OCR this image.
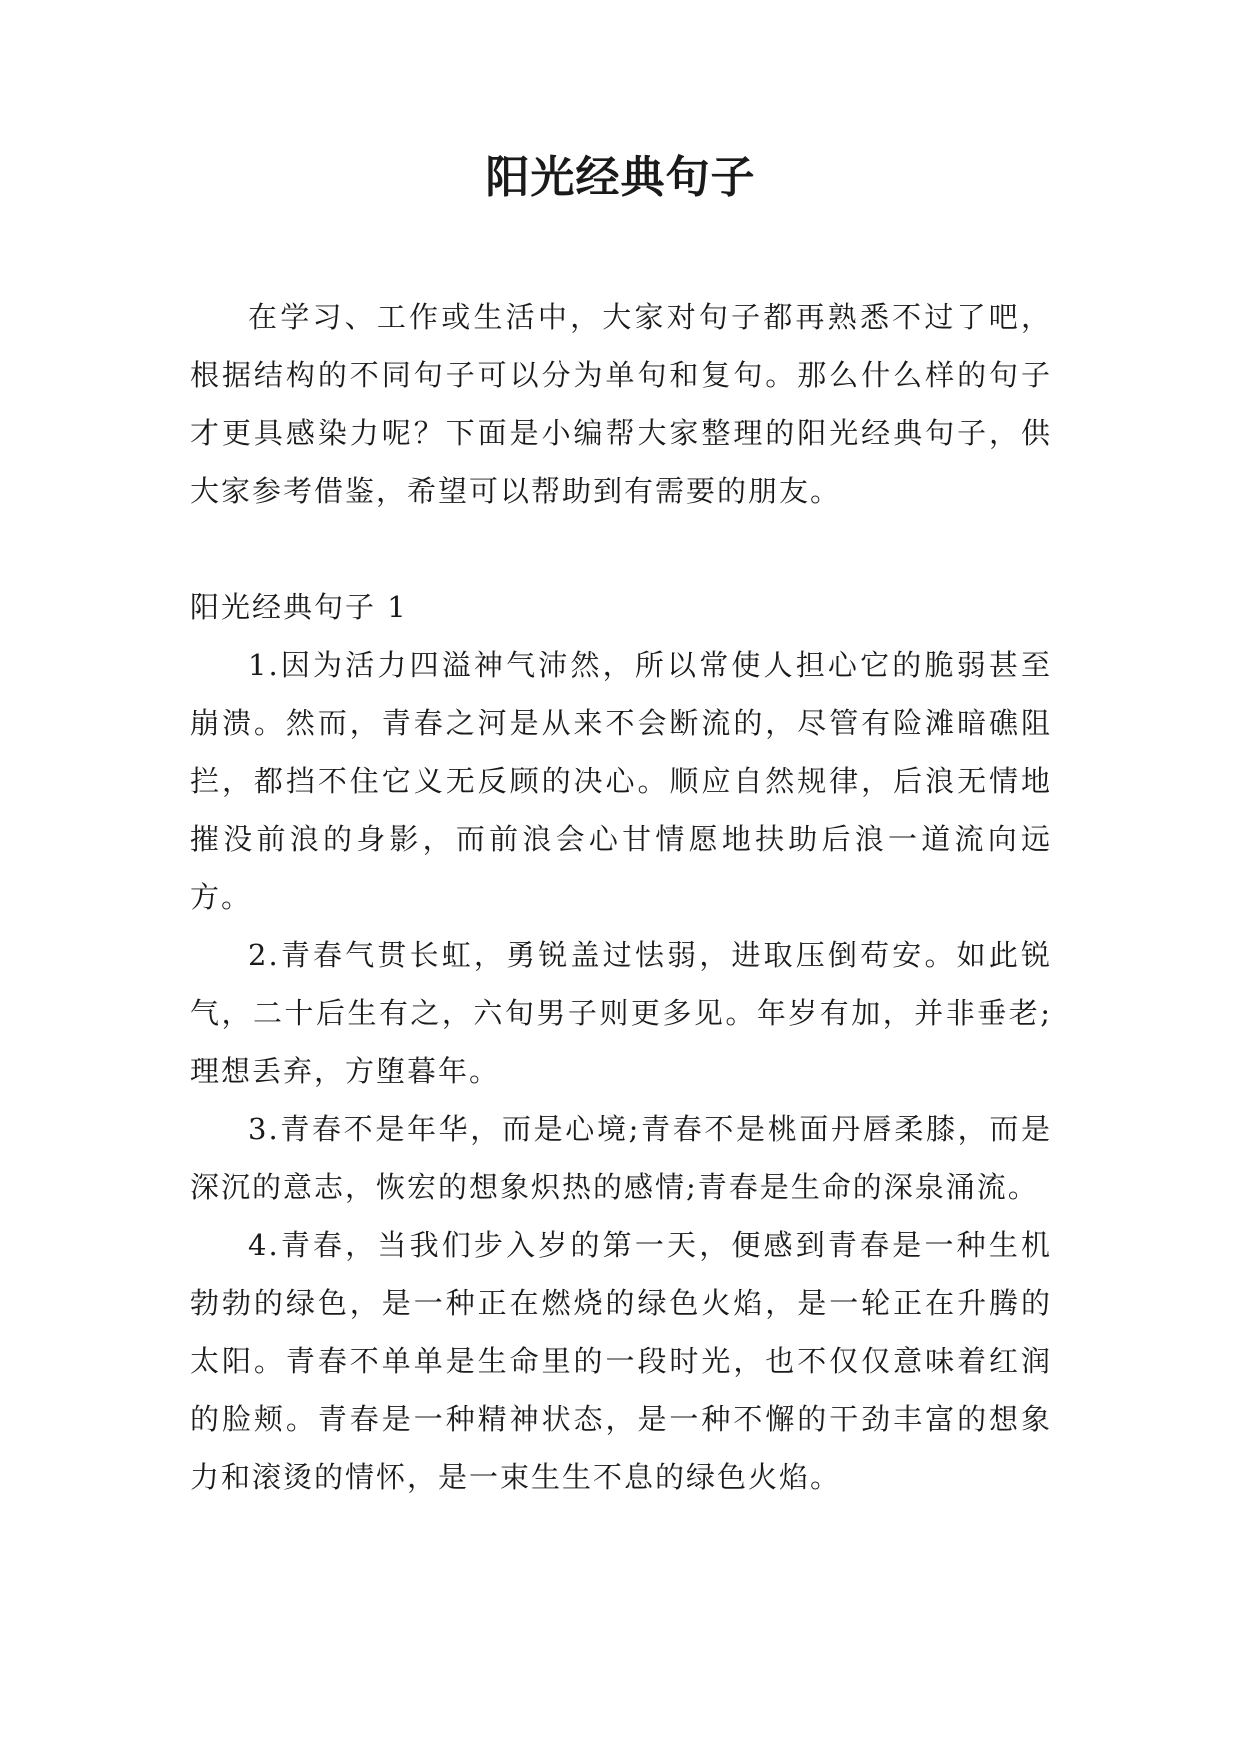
阳光经典句子

在学习、工作或生活中，大家对句子都再熟悉不过了吧，根据结构的不同句子可以分为单句和复句。那么什么样的句子才更具感染力呢？下面是小编帮大家整理的阳光经典句子，供大家参考借鉴，希望可以帮助到有需要的朋友。

阳光经典句子 1

1.因为活力四溢神气沛然，所以常使人担心它的脆弱甚至崩溃。然而，青春之河是从来不会断流的，尽管有险滩暗礁阻拦，都挡不住它义无反顾的决心。顺应自然规律，后浪无情地摧没前浪的身影，而前浪会心甘情愿地扶助后浪一道流向远方。

2.青春气贯长虹，勇锐盖过怯弱，进取压倒苟安。如此锐气，二十后生有之，六旬男子则更多见。年岁有加，并非垂老;理想丢弃，方堕暮年。

3.青春不是年华，而是心境;青春不是桃面丹唇柔膝，而是深沉的意志，恢宏的想象炽热的感情;青春是生命的深泉涌流。

4.青春，当我们步入岁的第一天，便感到青春是一种生机勃勃的绿色，是一种正在燃烧的绿色火焰，是一轮正在升腾的太阳。青春不单单是生命里的一段时光，也不仅仅意味着红润的脸颊。青春是一种精神状态，是一种不懈的干劲丰富的想象力和滚烫的情怀，是一束生生不息的绿色火焰。
